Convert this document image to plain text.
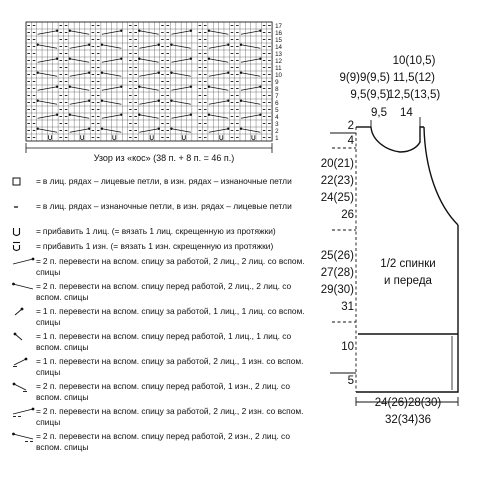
1
2
3
4
5
6
7
8
9
10
11
12
13
14
15
16
17
Узор из «кос» (38 п. + 8 п. = 46 п.)
= в лиц. рядах – лицевые петли, в изн. рядах – изнаночные петли
= в лиц. рядах – изнаночные петли, в изн. рядах – лицевые петли
= прибавить 1 лиц. (= вязать 1 лиц. скрещенную из протяжки)
= прибавить 1 изн. (= вязать 1 изн. скрещенную из протяжки)
= 2 п. перевести на вспом. спицу за работой, 2 лиц., 2 лиц. со вспом. спицы
= 2 п. перевести на вспом. спицу перед работой, 2 лиц., 2 лиц. со вспом. спицы
= 1 п. перевести на вспом. спицу за работой, 1 лиц., 1 лиц. со вспом. спицы
= 1 п. перевести на вспом. спицу перед работой, 1 лиц., 1 лиц. со вспом. спицы
= 1 п. перевести на вспом. спицу за работой, 2 лиц., 1 изн. со вспом. спицы
= 2 п. перевести на вспом. спицу перед работой, 1 изн., 2 лиц. со вспом. спицы
= 2 п. перевести на вспом. спицу за работой, 2 лиц., 2 изн. со вспом. спицы
= 2 п. перевести на вспом. спицу перед работой, 2 изн., 2 лиц. со вспом. спицы
10(10,5)
11,5(12)
12,5(13,5)
9(9)9(9,5)
9,5(9,5)
9,5 14
2
4
20(21)
22(23)
24(25)
26
25(26)
27(28)
29(30)
31
10
5
1/2 спинки
и переда
24(26)28(30)
32(34)36
